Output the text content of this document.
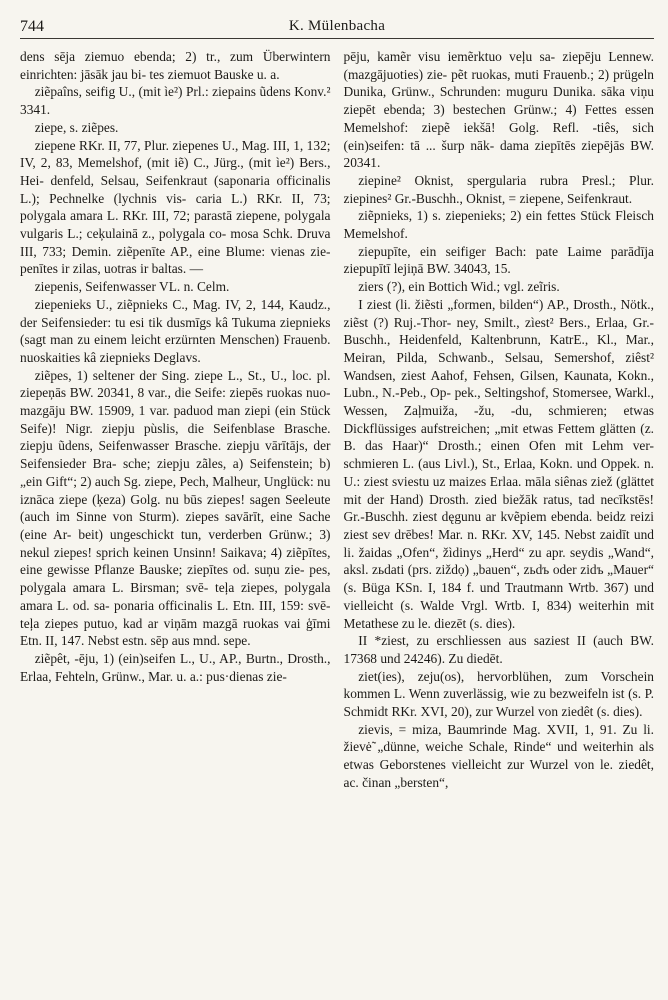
744	K. Mülenbacha

dens sēja ziemuo ebenda; 2) tr., zum Überwintern einrichten: jāsāk jau bi- tes ziemuot Bauske u. a.

ziẽpaîns, seifig U., (mit ìe²) Prl.: ziepains ũdens Konv.² 3341.

ziepe, s. ziẽpes.

ziepene RKr. II, 77, Plur. ziepenes U., Mag. III, 1, 132; IV, 2, 83, Memelshof, (mit iẽ) C., Jürg., (mit ìe²) Bers., Hei- denfeld, Selsau, Seifenkraut (saponaria officinalis L.); Pechnelke (lychnis vis- caria L.) RKr. II, 73; polygala amara L. RKr. III, 72; parastā ziepene, polygala vulgaris L.; ceķulainā z., polygala co- mosa Schk. Druva III, 733; Demin. ziẽpenīte AP., eine Blume: vienas zie- penītes ir zilas, uotras ir baltas. —

ziepenis, Seifenwasser VL. n. Celm.

ziepenieks U., ziẽpnieks C., Mag. IV, 2, 144, Kaudz., der Seifensieder: tu esi tik dusmīgs kâ Tukuma ziepnieks (sagt man zu einem leicht erzürnten Menschen) Frauenb. nuoskaities kâ ziepnieks Deglavs.

ziẽpes, 1) seltener der Sing. ziepe L., St., U., loc. pl. ziepeņās BW. 20341, 8 var., die Seife: ziepēs ruokas nuo- mazgāju BW. 15909, 1 var. paduod man ziepi (ein Stück Seife)! Nigr. ziepju pùslis, die Seifenblase Brasche. ziepju ũdens, Seifenwasser Brasche. ziepju vārītājs, der Seifensieder Bra- sche; ziepju zãles, a) Seifenstein; b) „ein Gift“; 2) auch Sg. ziepe, Pech, Malheur, Unglück: nu iznāca ziepe (ķeza) Golg. nu būs ziepes! sagen Seeleute (auch im Sinne von Sturm). ziepes savārīt, eine Sache (eine Ar- beit) ungeschickt tun, verderben Grünw.; 3) nekul ziepes! sprich keinen Unsinn! Saikava; 4) ziẽpītes, eine gewisse Pflanze Bauske; ziepītes od. suņu zie- pes, polygala amara L. Birsman; svē- teļa ziepes, polygala amara L. od. sa- ponaria officinalis L. Etn. III, 159: svē- teļa ziepes putuo, kad ar viņām mazgā ruokas vai ģīmi Etn. II, 147. Nebst estn. sēp aus mnd. sepe.

ziẽpêt, -ēju, 1) (ein)seifen L., U., AP., Burtn., Drosth., Erlaa, Fehteln, Grünw., Mar. u. a.: pus·dienas zie-

pēju, kamẽr visu iemẽrktuo veļu sa- ziepēju Lennew. (mazgājuoties) zie- pẽt ruokas, muti Frauenb.; 2) prügeln Dunika, Grünw., Schrunden: muguru Dunika. sāka viņu ziepēt ebenda; 3) bestechen Grünw.; 4) Fettes essen Memelshof: ziepẽ iekšā! Golg. Refl. -tiês, sich (ein)seifen: tā ... šurp nāk- dama ziepītēs ziepējās BW. 20341.

ziepine² Oknist, spergularia rubra Presl.; Plur. ziepines² Gr.-Buschh., Oknist, = ziepene, Seifenkraut.

ziẽpnieks, 1) s. ziepenieks; 2) ein fettes Stück Fleisch Memelshof.

ziepupīte, ein seifiger Bach: pate Laime parādīja ziepupītī lejiņā BW. 34043, 15.

ziers (?), ein Bottich Wid.; vgl. zeĩris.

I ziest (li. žiẽsti „formen, bilden“) AP., Drosth., Nötk., ziẽst (?) Ruj.-Thor- ney, Smilt., zìest² Bers., Erlaa, Gr.- Buschh., Heidenfeld, Kaltenbrunn, KatrE., Kl., Mar., Meiran, Pilda, Schwanb., Selsau, Semershof, ziêst² Wandsen, ziest Aahof, Fehsen, Gilsen, Kaunata, Kokn., Lubn., N.-Peb., Op- pek., Seltingshof, Stomersee, Warkl., Wessen, Zaļmuiža, -žu, -du, schmieren; etwas Dickflüssiges aufstreichen; „mit etwas Fettem glätten (z. B. das Haar)“ Drosth.; einen Ofen mit Lehm ver- schmieren L. (aus Livl.), St., Erlaa, Kokn. und Oppek. n. U.: ziest sviestu uz maizes Erlaa. māla siênas ziež (glättet mit der Hand) Drosth. zied biežāk ratus, tad necīkstēs! Gr.-Buschh. ziest dęgunu ar kvẽpiem ebenda. beidz reizi ziest sev drēbes! Mar. n. RKr. XV, 145. Nebst zaidīt und li. žaidas „Ofen“, žìdinys „Herd“ zu apr. seydis „Wand“, aksl. zьdati (prs. ziždọ) „bauen“, zьdъ oder zidъ „Mauer“ (s. Büga KSn. I, 184 f. und Trautmann Wrtb. 367) und vielleicht (s. Walde Vrgl. Wrtb. I, 834) weiterhin mit Metathese zu le. diezēt (s. dies).

II *ziest, zu erschliessen aus saziest II (auch BW. 17368 und 24246). Zu diedēt.

ziet(ies), zeju(os), hervorblühen, zum Vorschein kommen L. Wenn zuverlässig, wie zu bezweifeln ist (s. P. Schmidt RKr. XVI, 20), zur Wurzel von ziedêt (s. dies).

zievis, = miza, Baumrinde Mag. XVII, 1, 91. Zu li. žievė̃ „dünne, weiche Schale, Rinde“ und weiterhin als etwas Geborstenes vielleicht zur Wurzel von le. ziedêt, ac. činan „bersten“,
